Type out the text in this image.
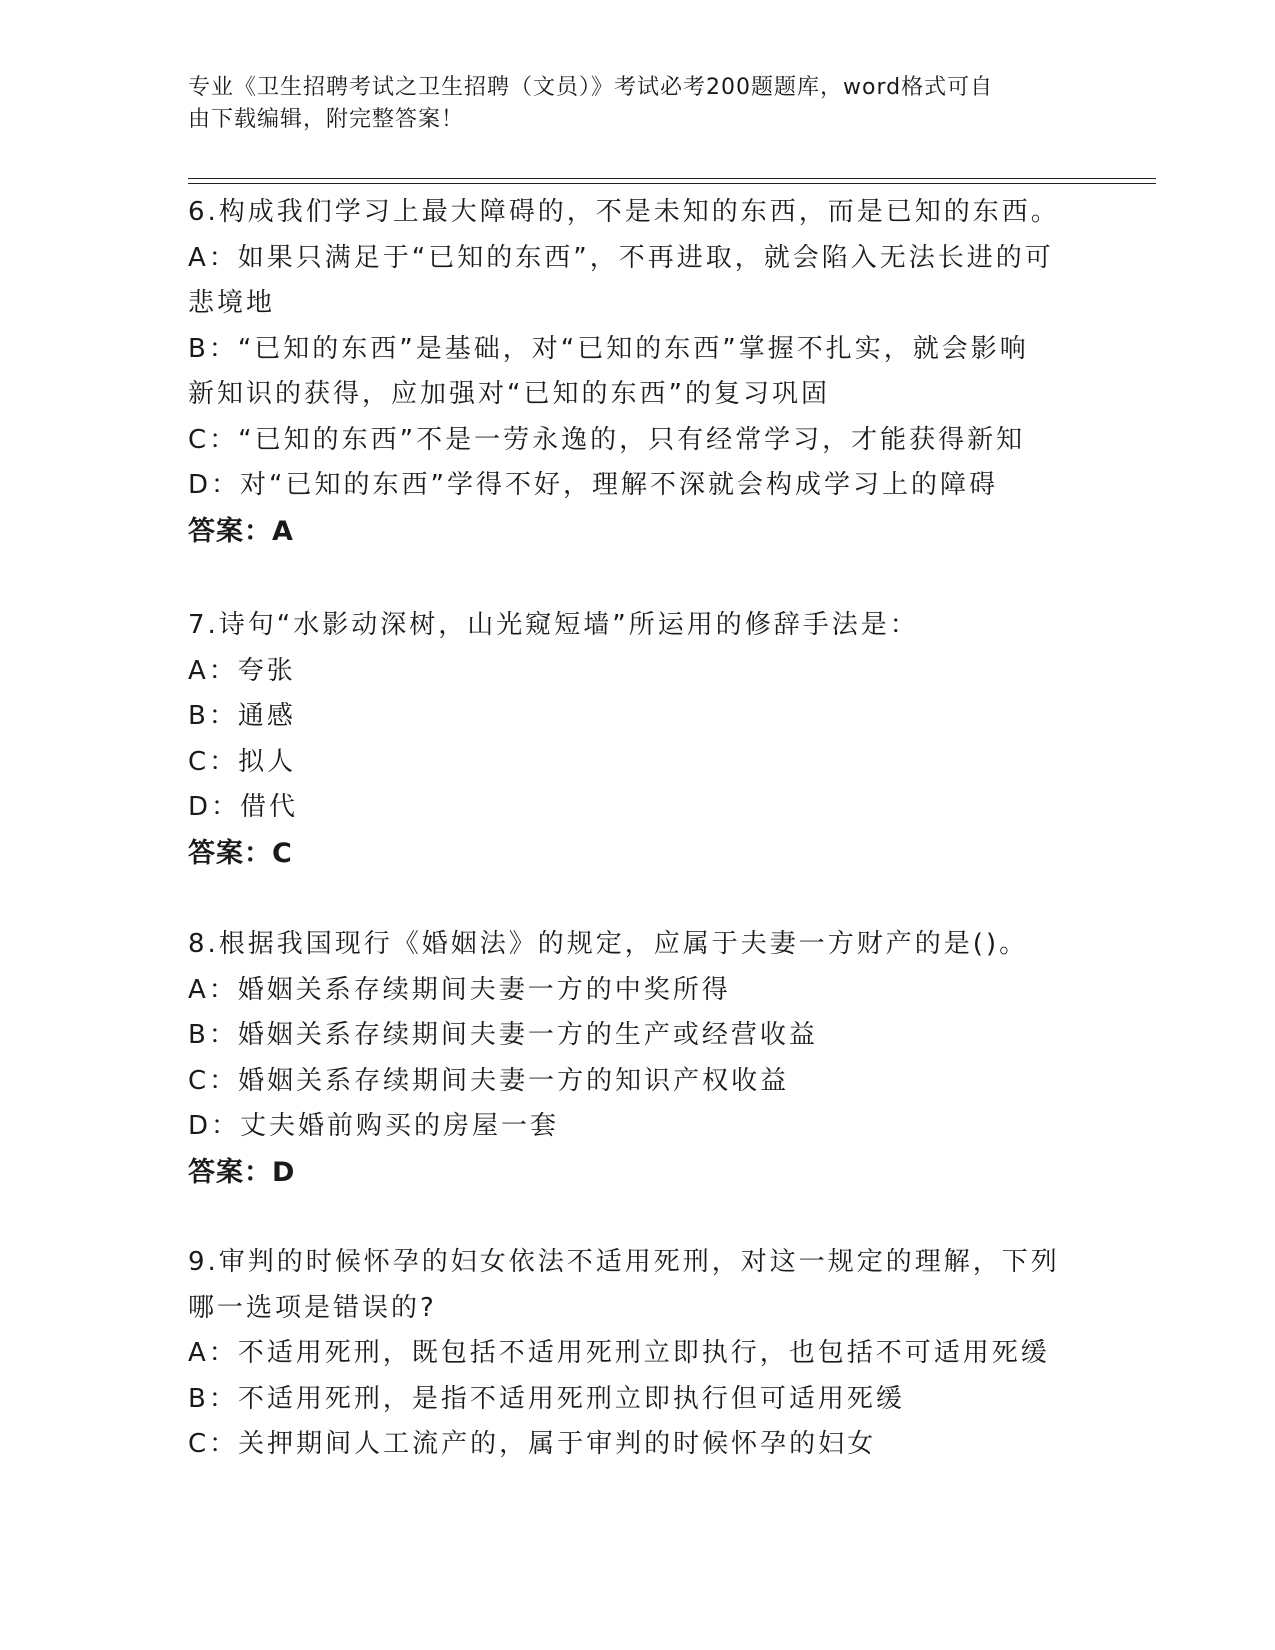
专业《卫生招聘考试之卫生招聘（文员）》考试必考200题题库，word格式可自
由下载编辑，附完整答案！

6.构成我们学习上最大障碍的，不是未知的东西，而是已知的东西。

A：如果只满足于“已知的东西”，不再进取，就会陷入无法长进的可

悲境地

B：“已知的东西”是基础，对“已知的东西”掌握不扎实，就会影响

新知识的获得，应加强对“已知的东西”的复习巩固

C：“已知的东西”不是一劳永逸的，只有经常学习，才能获得新知

D：对“已知的东西”学得不好，理解不深就会构成学习上的障碍

答案：A

7.诗句“水影动深树，山光窥短墙”所运用的修辞手法是：

A：夸张

B：通感

C：拟人

D：借代

答案：C

8.根据我国现行《婚姻法》的规定，应属于夫妻一方财产的是()。

A：婚姻关系存续期间夫妻一方的中奖所得

B：婚姻关系存续期间夫妻一方的生产或经营收益

C：婚姻关系存续期间夫妻一方的知识产权收益

D：丈夫婚前购买的房屋一套

答案：D

9.审判的时候怀孕的妇女依法不适用死刑，对这一规定的理解，下列

哪一选项是错误的?

A：不适用死刑，既包括不适用死刑立即执行，也包括不可适用死缓

B：不适用死刑，是指不适用死刑立即执行但可适用死缓

C：关押期间人工流产的，属于审判的时候怀孕的妇女
